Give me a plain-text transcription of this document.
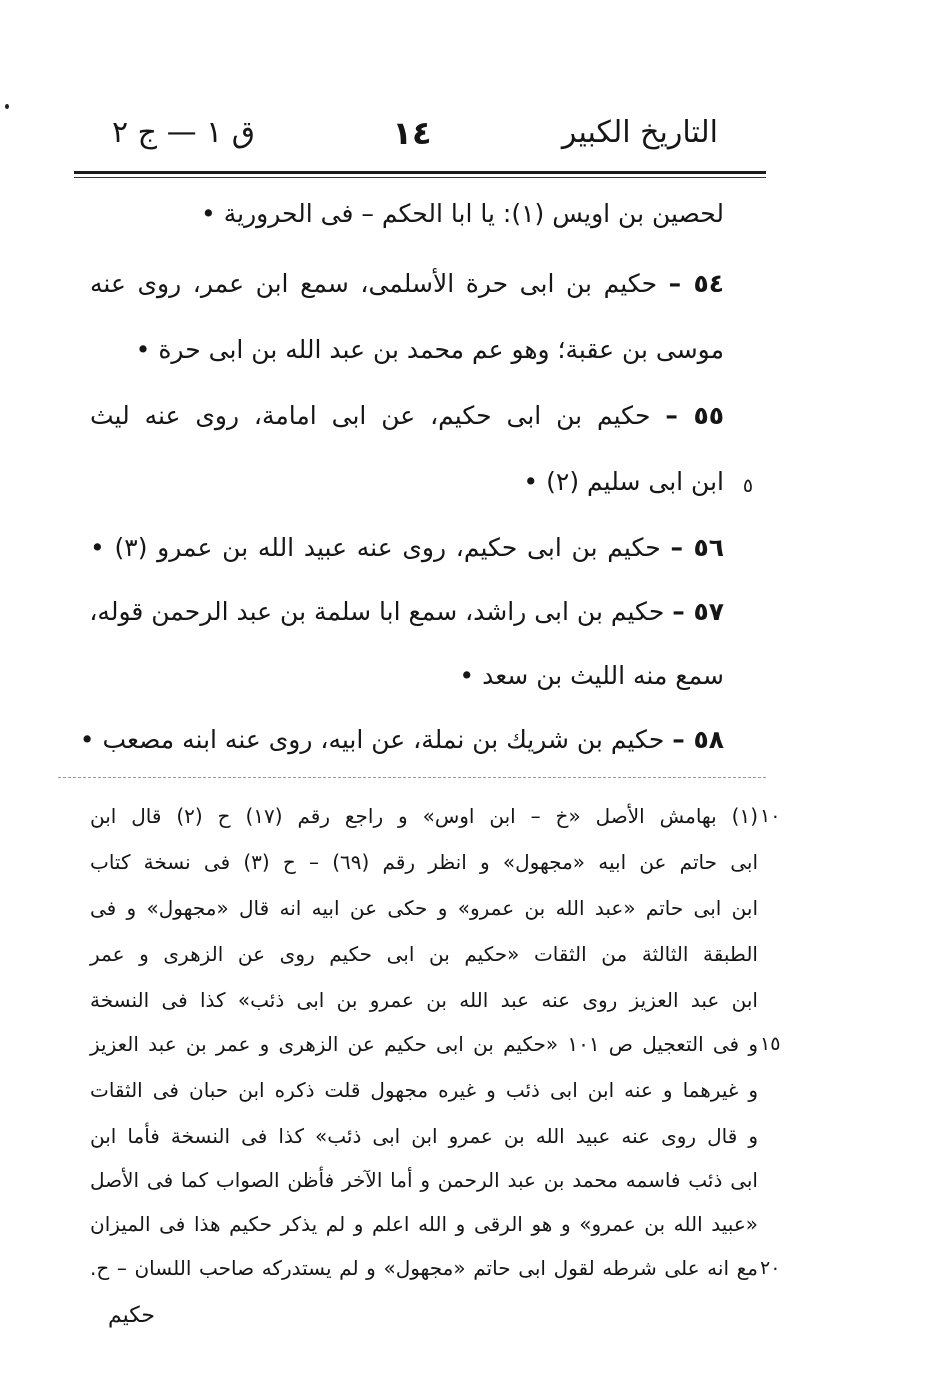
التاريخ الكبير
١٤
ق ١ — ج ٢
لحصين بن اويس (١): يا ابا الحكم – فى الحرورية •
٥٤ – حكيم بن ابى حرة الأسلمى، سمع ابن عمر، روى عنه
موسى بن عقبة؛ وهو عم محمد بن عبد الله بن ابى حرة •
٥٥ – حكيم بن ابى حكيم، عن ابى امامة، روى عنه ليث
٥
ابن ابى سليم (٢) •
٥٦ – حكيم بن ابى حكيم، روى عنه عبيد الله بن عمرو (٣) •
٥٧ – حكيم بن ابى راشد، سمع ابا سلمة بن عبد الرحمن قوله،
سمع منه الليث بن سعد •
٥٨ – حكيم بن شريك بن نملة، عن ابيه، روى عنه ابنه مصعب •
١٠
(١) بهامش الأصل «خ – ابن اوس» و راجع رقم (١٧) ح (٢) قال ابن
ابى حاتم عن ابيه «مجهول» و انظر رقم (٦٩) – ح (٣) فى نسخة كتاب
ابن ابى حاتم «عبد الله بن عمرو» و حكى عن ابيه انه قال «مجهول» و فى
الطبقة الثالثة من الثقات «حكيم بن ابى حكيم روى عن الزهرى و عمر
ابن عبد العزيز روى عنه عبد الله بن عمرو بن ابى ذئب» كذا فى النسخة
١٥
و فى التعجيل ص ١٠١ «حكيم بن ابى حكيم عن الزهرى و عمر بن عبد العزيز
و غيرهما و عنه ابن ابى ذئب و غيره مجهول قلت ذكره ابن حبان فى الثقات
و قال روى عنه عبيد الله بن عمرو ابن ابى ذئب» كذا فى النسخة فأما ابن
ابى ذئب فاسمه محمد بن عبد الرحمن و أما الآخر فأظن الصواب كما فى الأصل
«عبيد الله بن عمرو» و هو الرقى و الله اعلم و لم يذكر حكيم هذا فى الميزان
٢٠
مع انه على شرطه لقول ابى حاتم «مجهول» و لم يستدركه صاحب اللسان – ح.
حكيم
